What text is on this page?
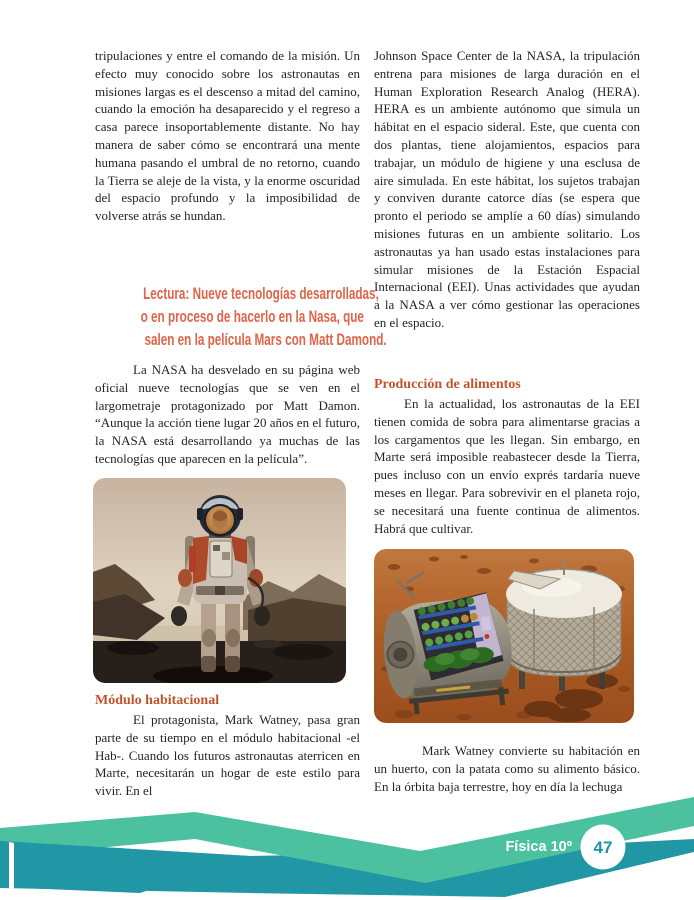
tripulaciones y entre el comando de la misión. Un efecto muy conocido sobre los astronautas en misiones largas es el descenso a mitad del camino, cuando la emoción ha desaparecido y el regreso a casa parece insoportablemente distante. No hay manera de saber cómo se encontrará una mente humana pasando el umbral de no retorno, cuando la Tierra se aleje de la vista, y la enorme oscuridad del espacio profundo y la imposibilidad de volverse atrás se hundan.
Lectura: Nueve tecnologías desarrolladas, o en proceso de hacerlo en la Nasa, que salen en la película Mars con Matt Damond.
La NASA ha desvelado en su página web oficial nueve tecnologías que se ven en el largometraje protagonizado por Matt Damon. “Aunque la acción tiene lugar 20 años en el futuro, la NASA está desarrollando ya muchas de las tecnologías que aparecen en la película”.
Módulo habitacional
El protagonista, Mark Watney, pasa gran parte de su tiempo en el módulo habitacional -el Hab-. Cuando los futuros astronautas aterricen en Marte, necesitarán un hogar de este estilo para vivir. En el
Johnson Space Center de la NASA, la tripulación entrena para misiones de larga duración en el Human Exploration Research Analog (HERA). HERA es un ambiente autónomo que simula un hábitat en el espacio sideral. Este, que cuenta con dos plantas, tiene alojamientos, espacios para trabajar, un módulo de higiene y una esclusa de aire simulada. En este hábitat, los sujetos trabajan y conviven durante catorce días (se espera que pronto el periodo se amplíe a 60 días) simulando misiones futuras en un ambiente solitario. Los astronautas ya han usado estas instalaciones para simular misiones de la Estación Espacial Internacional (EEI). Unas actividades que ayudan a la NASA a ver cómo gestionar las operaciones en el espacio.
Producción de alimentos
En la actualidad, los astronautas de la EEI tienen comida de sobra para alimentarse gracias a los cargamentos que les llegan. Sin embargo, en Marte será imposible reabastecer desde la Tierra, pues incluso con un envío exprés tardaría nueve meses en llegar. Para sobrevivir en el planeta rojo, se necesitará una fuente continua de alimentos. Habrá que cultivar.
Mark Watney convierte su habitación en un huerto, con la patata como su alimento básico. En la órbita baja terrestre, hoy en día la lechuga
Física 10º 47
